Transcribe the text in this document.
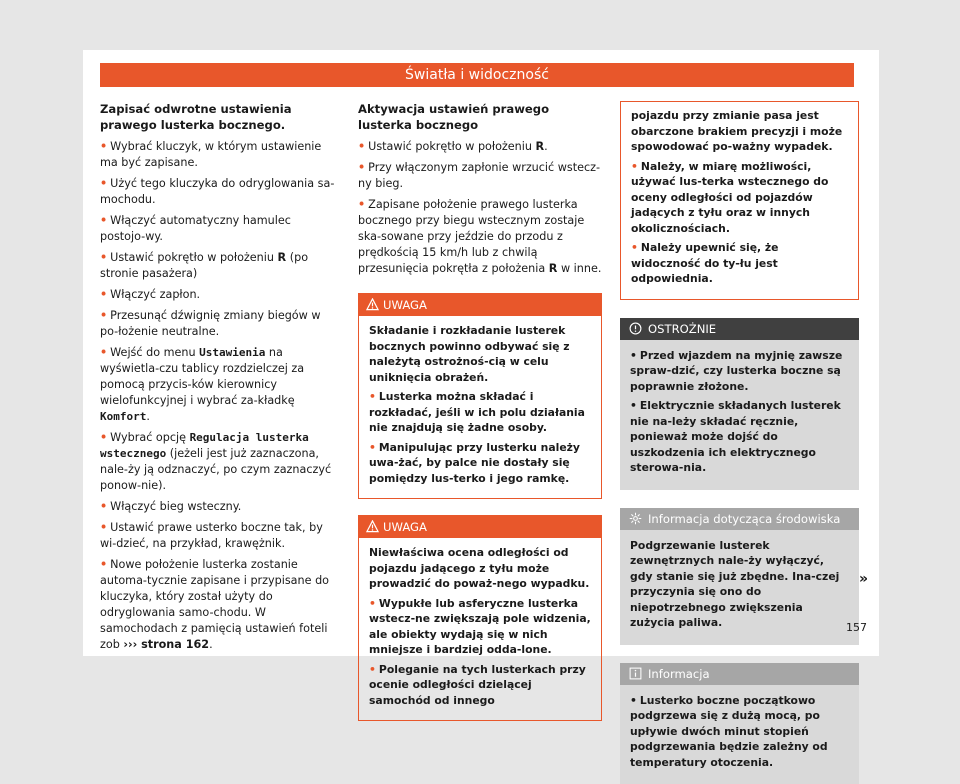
Światła i widoczność

Zapisać odwrotne ustawienia prawego lusterka bocznego.

• Wybrać kluczyk, w którym ustawienie ma być zapisane.

• Użyć tego kluczyka do odryglowania sa-mochodu.

• Włączyć automatyczny hamulec postojo-wy.

• Ustawić pokrętło w położeniu R (po stronie pasażera)

• Włączyć zapłon.

• Przesunąć dźwignię zmiany biegów w po-łożenie neutralne.

• Wejść do menu Ustawienia na wyświetla-czu tablicy rozdzielczej za pomocą przycis-ków kierownicy wielofunkcyjnej i wybrać za-kładkę Komfort.

• Wybrać opcję Regulacja lusterka wstecznego (jeżeli jest już zaznaczona, nale-ży ją odznaczyć, po czym zaznaczyć ponow-nie).

• Włączyć bieg wsteczny.

• Ustawić prawe usterko boczne tak, by wi-dzieć, na przykład, krawężnik.

• Nowe położenie lusterka zostanie automa-tycznie zapisane i przypisane do kluczyka, który został użyty do odryglowania samo-chodu. W samochodach z pamięcią ustawień foteli zob ››› strona 162.

Aktywacja ustawień prawego lusterka bocznego

• Ustawić pokrętło w położeniu R.

• Przy włączonym zapłonie wrzucić wstecz-ny bieg.

• Zapisane położenie prawego lusterka bocznego przy biegu wstecznym zostaje ska-sowane przy jeździe do przodu z prędkością 15 km/h lub z chwilą przesunięcia pokrętła z położenia R w inne.

UWAGA

Składanie i rozkładanie lusterek bocznych powinno odbywać się z należytą ostrożnoś-cią w celu uniknięcia obrażeń.

• Lusterka można składać i rozkładać, jeśli w ich polu działania nie znajdują się żadne osoby.

• Manipulując przy lusterku należy uwa-żać, by palce nie dostały się pomiędzy lus-terko i jego ramkę.

UWAGA

Niewłaściwa ocena odległości od pojazdu jadącego z tyłu może prowadzić do poważ-nego wypadku.

• Wypukłe lub asferyczne lusterka wstecz-ne zwiększają pole widzenia, ale obiekty wydają się w nich mniejsze i bardziej odda-lone.

• Poleganie na tych lusterkach przy ocenie odległości dzielącej samochód od innego

pojazdu przy zmianie pasa jest obarczone brakiem precyzji i może spowodować po-ważny wypadek.

• Należy, w miarę możliwości, używać lus-terka wstecznego do oceny odległości od pojazdów jadących z tyłu oraz w innych okolicznościach.

• Należy upewnić się, że widoczność do ty-łu jest odpowiednia.

OSTROŻNIE

• Przed wjazdem na myjnię zawsze spraw-dzić, czy lusterka boczne są poprawnie złożone.

• Elektrycznie składanych lusterek nie na-leży składać ręcznie, ponieważ może dojść do uszkodzenia ich elektrycznego sterowa-nia.

Informacja dotycząca środowiska

Podgrzewanie lusterek zewnętrznych nale-ży wyłączyć, gdy stanie się już zbędne. Ina-czej przyczynia się ono do niepotrzebnego zwiększenia zużycia paliwa.

Informacja

• Lusterko boczne początkowo podgrzewa się z dużą mocą, po upływie dwóch minut stopień podgrzewania będzie zależny od temperatury otoczenia.

»
157
